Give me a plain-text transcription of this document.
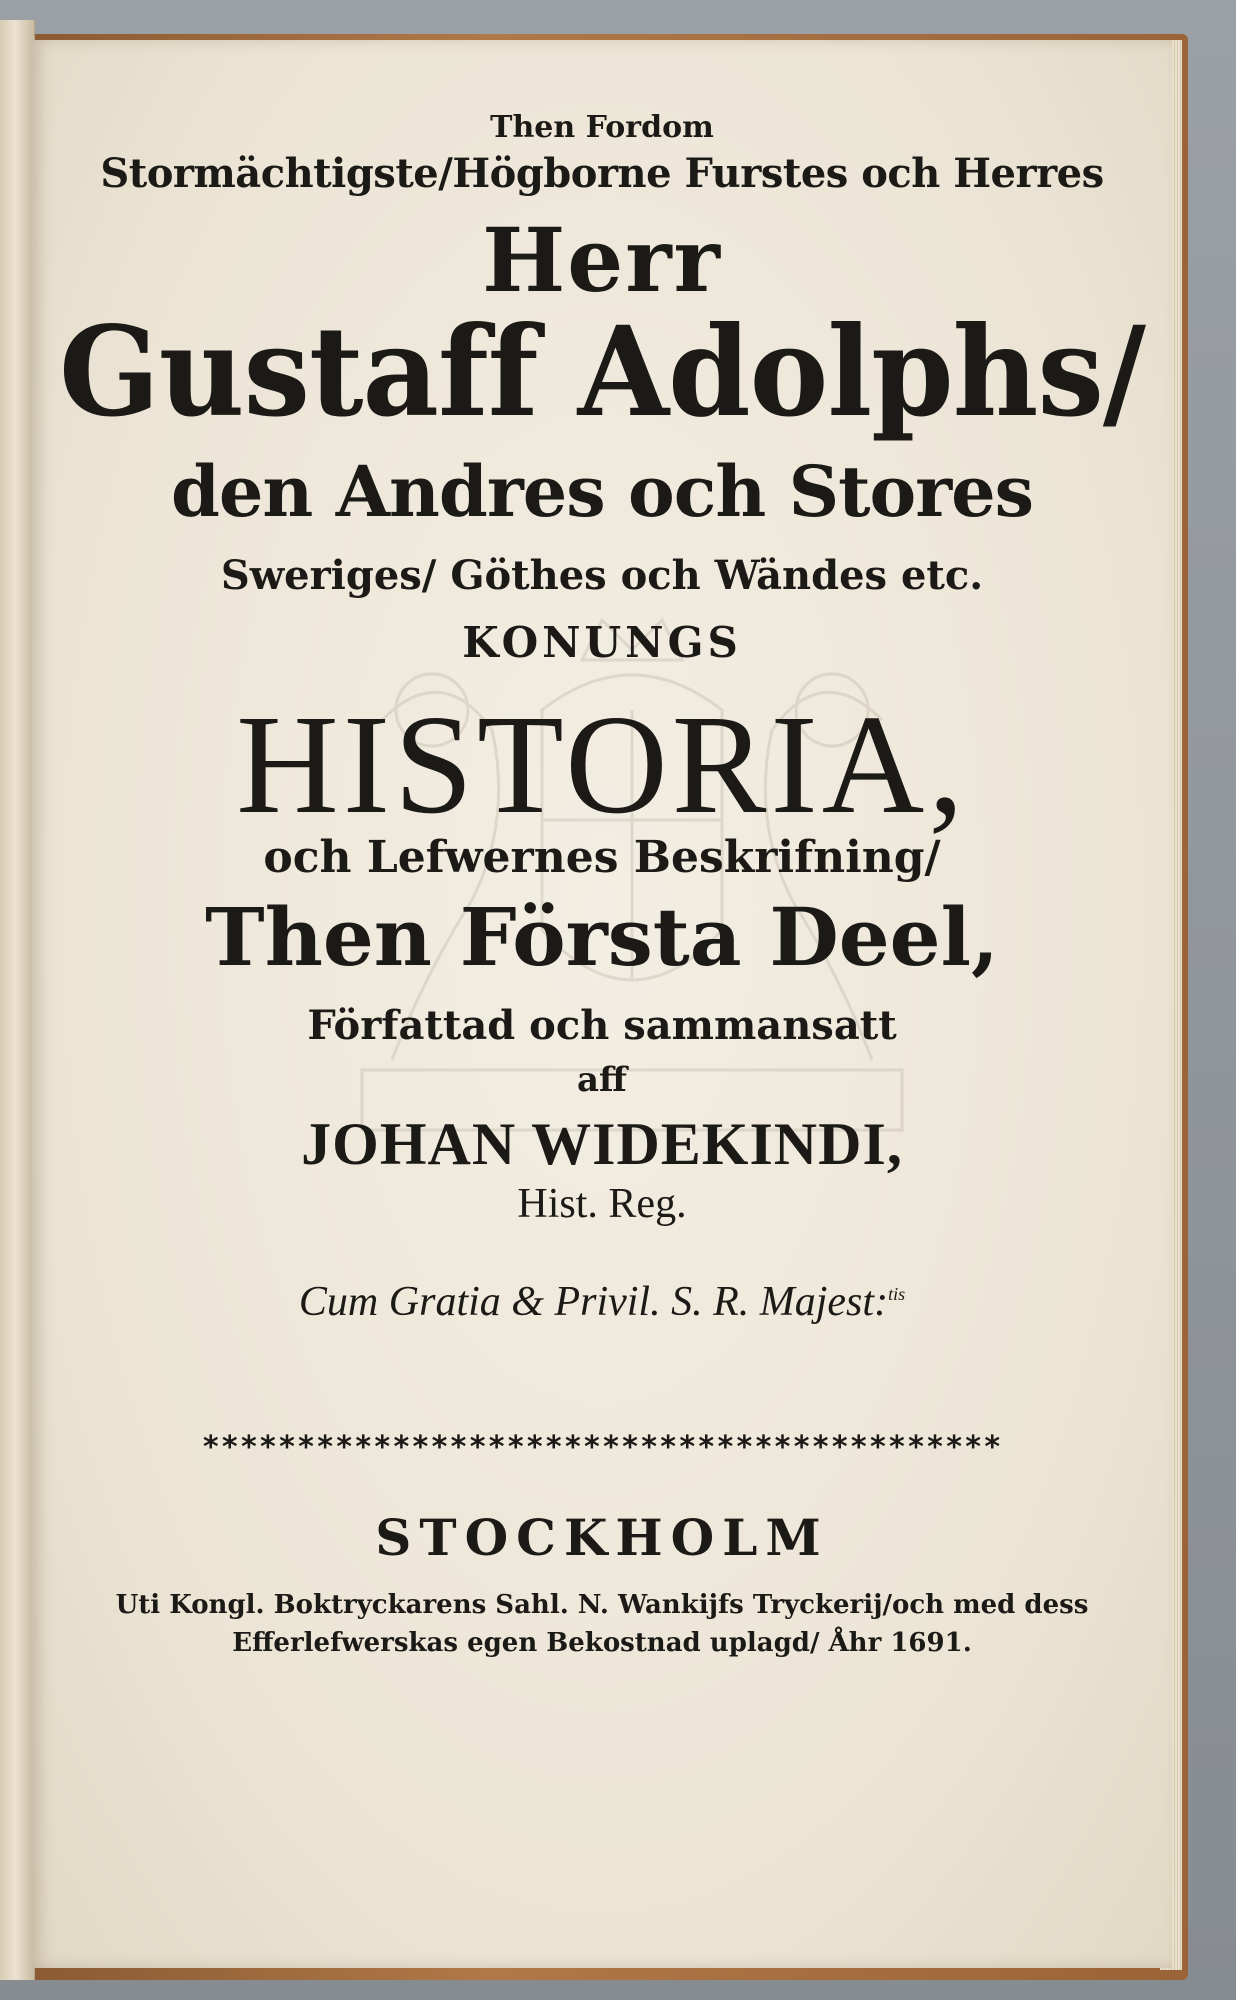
Then Fordom
Stormächtigste/Högborne Furstes och Herres
Herr
Gustaff Adolphs/
den Andres och Stores
Sweriges/ Göthes och Wändes etc.
KONUNGS
HISTORIA,
och Lefwernes Beskrifning/
Then Första Deel,
Författad och sammansatt
aff
JOHAN WIDEKINDI,
Hist. Reg.
Cum Gratia & Privil. S. R. Majest:$^{tis}$
******************************************
STOCKHOLM
Uti Kongl. Boktryckarens Sahl. N. Wankijfs Tryckerij/och med dess
Efferlefwerskas egen Bekostnad uplagd/ Åhr 1691.
